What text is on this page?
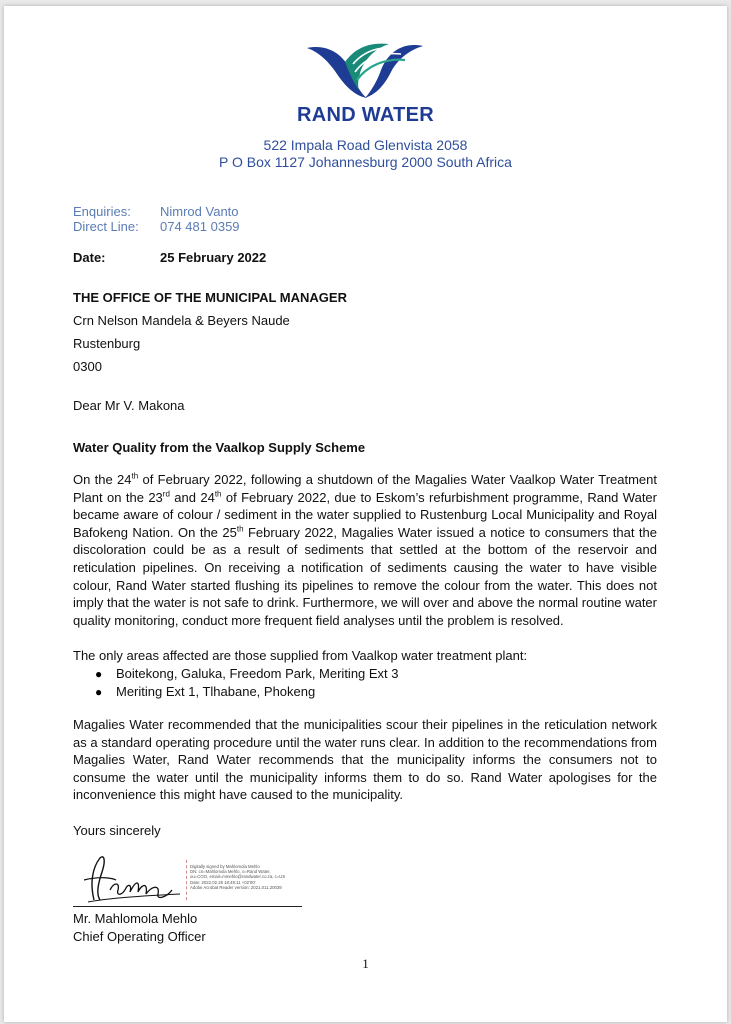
RAND WATER
522 Impala Road Glenvista 2058
P O Box 1127 Johannesburg 2000 South Africa
Enquiries: Nimrod Vanto
Direct Line: 074 481 0359
Date:	25 February 2022
THE OFFICE OF THE MUNICIPAL MANAGER
Crn Nelson Mandela & Beyers Naude
Rustenburg
0300
Dear Mr V. Makona
Water Quality from the Vaalkop Supply Scheme

On the 24th of February 2022, following a shutdown of the Magalies Water Vaalkop Water Treatment Plant on the 23rd and 24th of February 2022, due to Eskom’s refurbishment programme, Rand Water became aware of colour / sediment in the water supplied to Rustenburg Local Municipality and Royal Bafokeng Nation. On the 25th February 2022, Magalies Water issued a notice to consumers that the discoloration could be as a result of sediments that settled at the bottom of the reservoir and reticulation pipelines. On receiving a notification of sediments causing the water to have visible colour, Rand Water started flushing its pipelines to remove the colour from the water. This does not imply that the water is not safe to drink. Furthermore, we will over and above the normal routine water quality monitoring, conduct more frequent field analyses until the problem is resolved.

The only areas affected are those supplied from Vaalkop water treatment plant:
● Boitekong, Galuka, Freedom Park, Meriting Ext 3
● Meriting Ext 1, Tlhabane, Phokeng

Magalies Water recommended that the municipalities scour their pipelines in the reticulation network as a standard operating procedure until the water runs clear. In addition to the recommendations from Magalies Water, Rand Water recommends that the municipality informs the consumers not to consume the water until the municipality informs them to do so. Rand Water apologises for the inconvenience this might have caused to the municipality.

Yours sincerely
Digitally signed by Mahlomola Mehlo
DN: cn=Mahlomola Mehlo, o=Rand Water,
ou=COO, email=mmehlo@randwater.co.za, c=US
Date: 2022.02.25 18:49:11 +02'00'
Adobe Acrobat Reader version: 2021.011.20039
Mr. Mahlomola Mehlo
Chief Operating Officer
1
